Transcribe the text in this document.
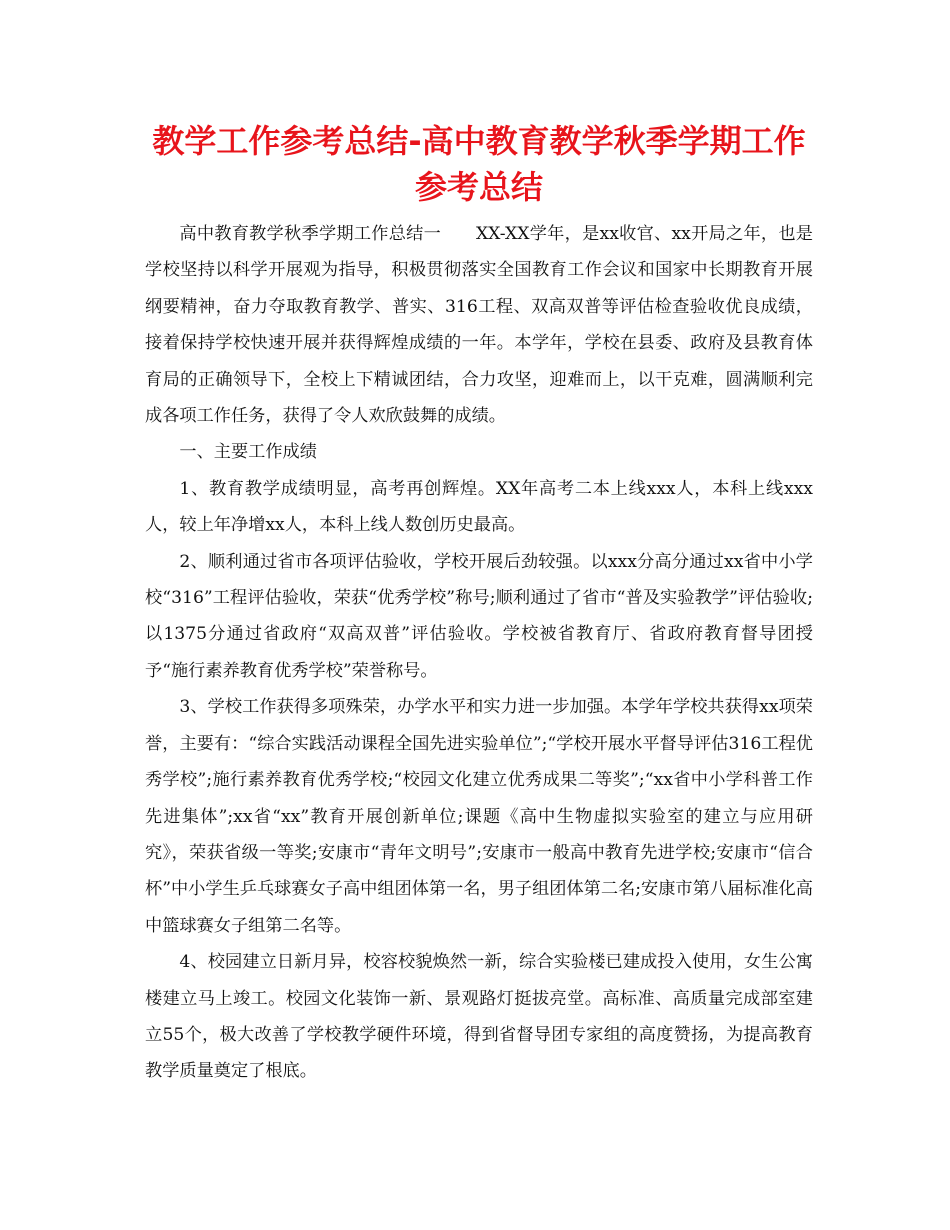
教学工作参考总结-高中教育教学秋季学期工作
参考总结

高中教育教学秋季学期工作总结一　　XX-XX学年，是xx收官、xx开局之年，也是学校坚持以科学开展观为指导，积极贯彻落实全国教育工作会议和国家中长期教育开展纲要精神，奋力夺取教育教学、普实、316工程、双高双普等评估检查验收优良成绩，接着保持学校快速开展并获得辉煌成绩的一年。本学年，学校在县委、政府及县教育体育局的正确领导下，全校上下精诚团结，合力攻坚，迎难而上，以干克难，圆满顺利完成各项工作任务，获得了令人欢欣鼓舞的成绩。

一、主要工作成绩

1、教育教学成绩明显，高考再创辉煌。XX年高考二本上线xxx人，本科上线xxx人，较上年净增xx人，本科上线人数创历史最高。

2、顺利通过省市各项评估验收，学校开展后劲较强。以xxx分高分通过xx省中小学校“316”工程评估验收，荣获“优秀学校”称号;顺利通过了省市“普及实验教学”评估验收;以1375分通过省政府“双高双普”评估验收。学校被省教育厅、省政府教育督导团授予“施行素养教育优秀学校”荣誉称号。

3、学校工作获得多项殊荣，办学水平和实力进一步加强。本学年学校共获得xx项荣誉，主要有：“综合实践活动课程全国先进实验单位”;“学校开展水平督导评估316工程优秀学校”;施行素养教育优秀学校;“校园文化建立优秀成果二等奖”;“xx省中小学科普工作先进集体”;xx省“xx”教育开展创新单位;课题《高中生物虚拟实验室的建立与应用研究》，荣获省级一等奖;安康市“青年文明号”;安康市一般高中教育先进学校;安康市“信合杯”中小学生乒乓球赛女子高中组团体第一名，男子组团体第二名;安康市第八届标准化高中篮球赛女子组第二名等。

4、校园建立日新月异，校容校貌焕然一新，综合实验楼已建成投入使用，女生公寓楼建立马上竣工。校园文化装饰一新、景观路灯挺拔亮堂。高标准、高质量完成部室建立55个，极大改善了学校教学硬件环境，得到省督导团专家组的高度赞扬，为提高教育教学质量奠定了根底。
